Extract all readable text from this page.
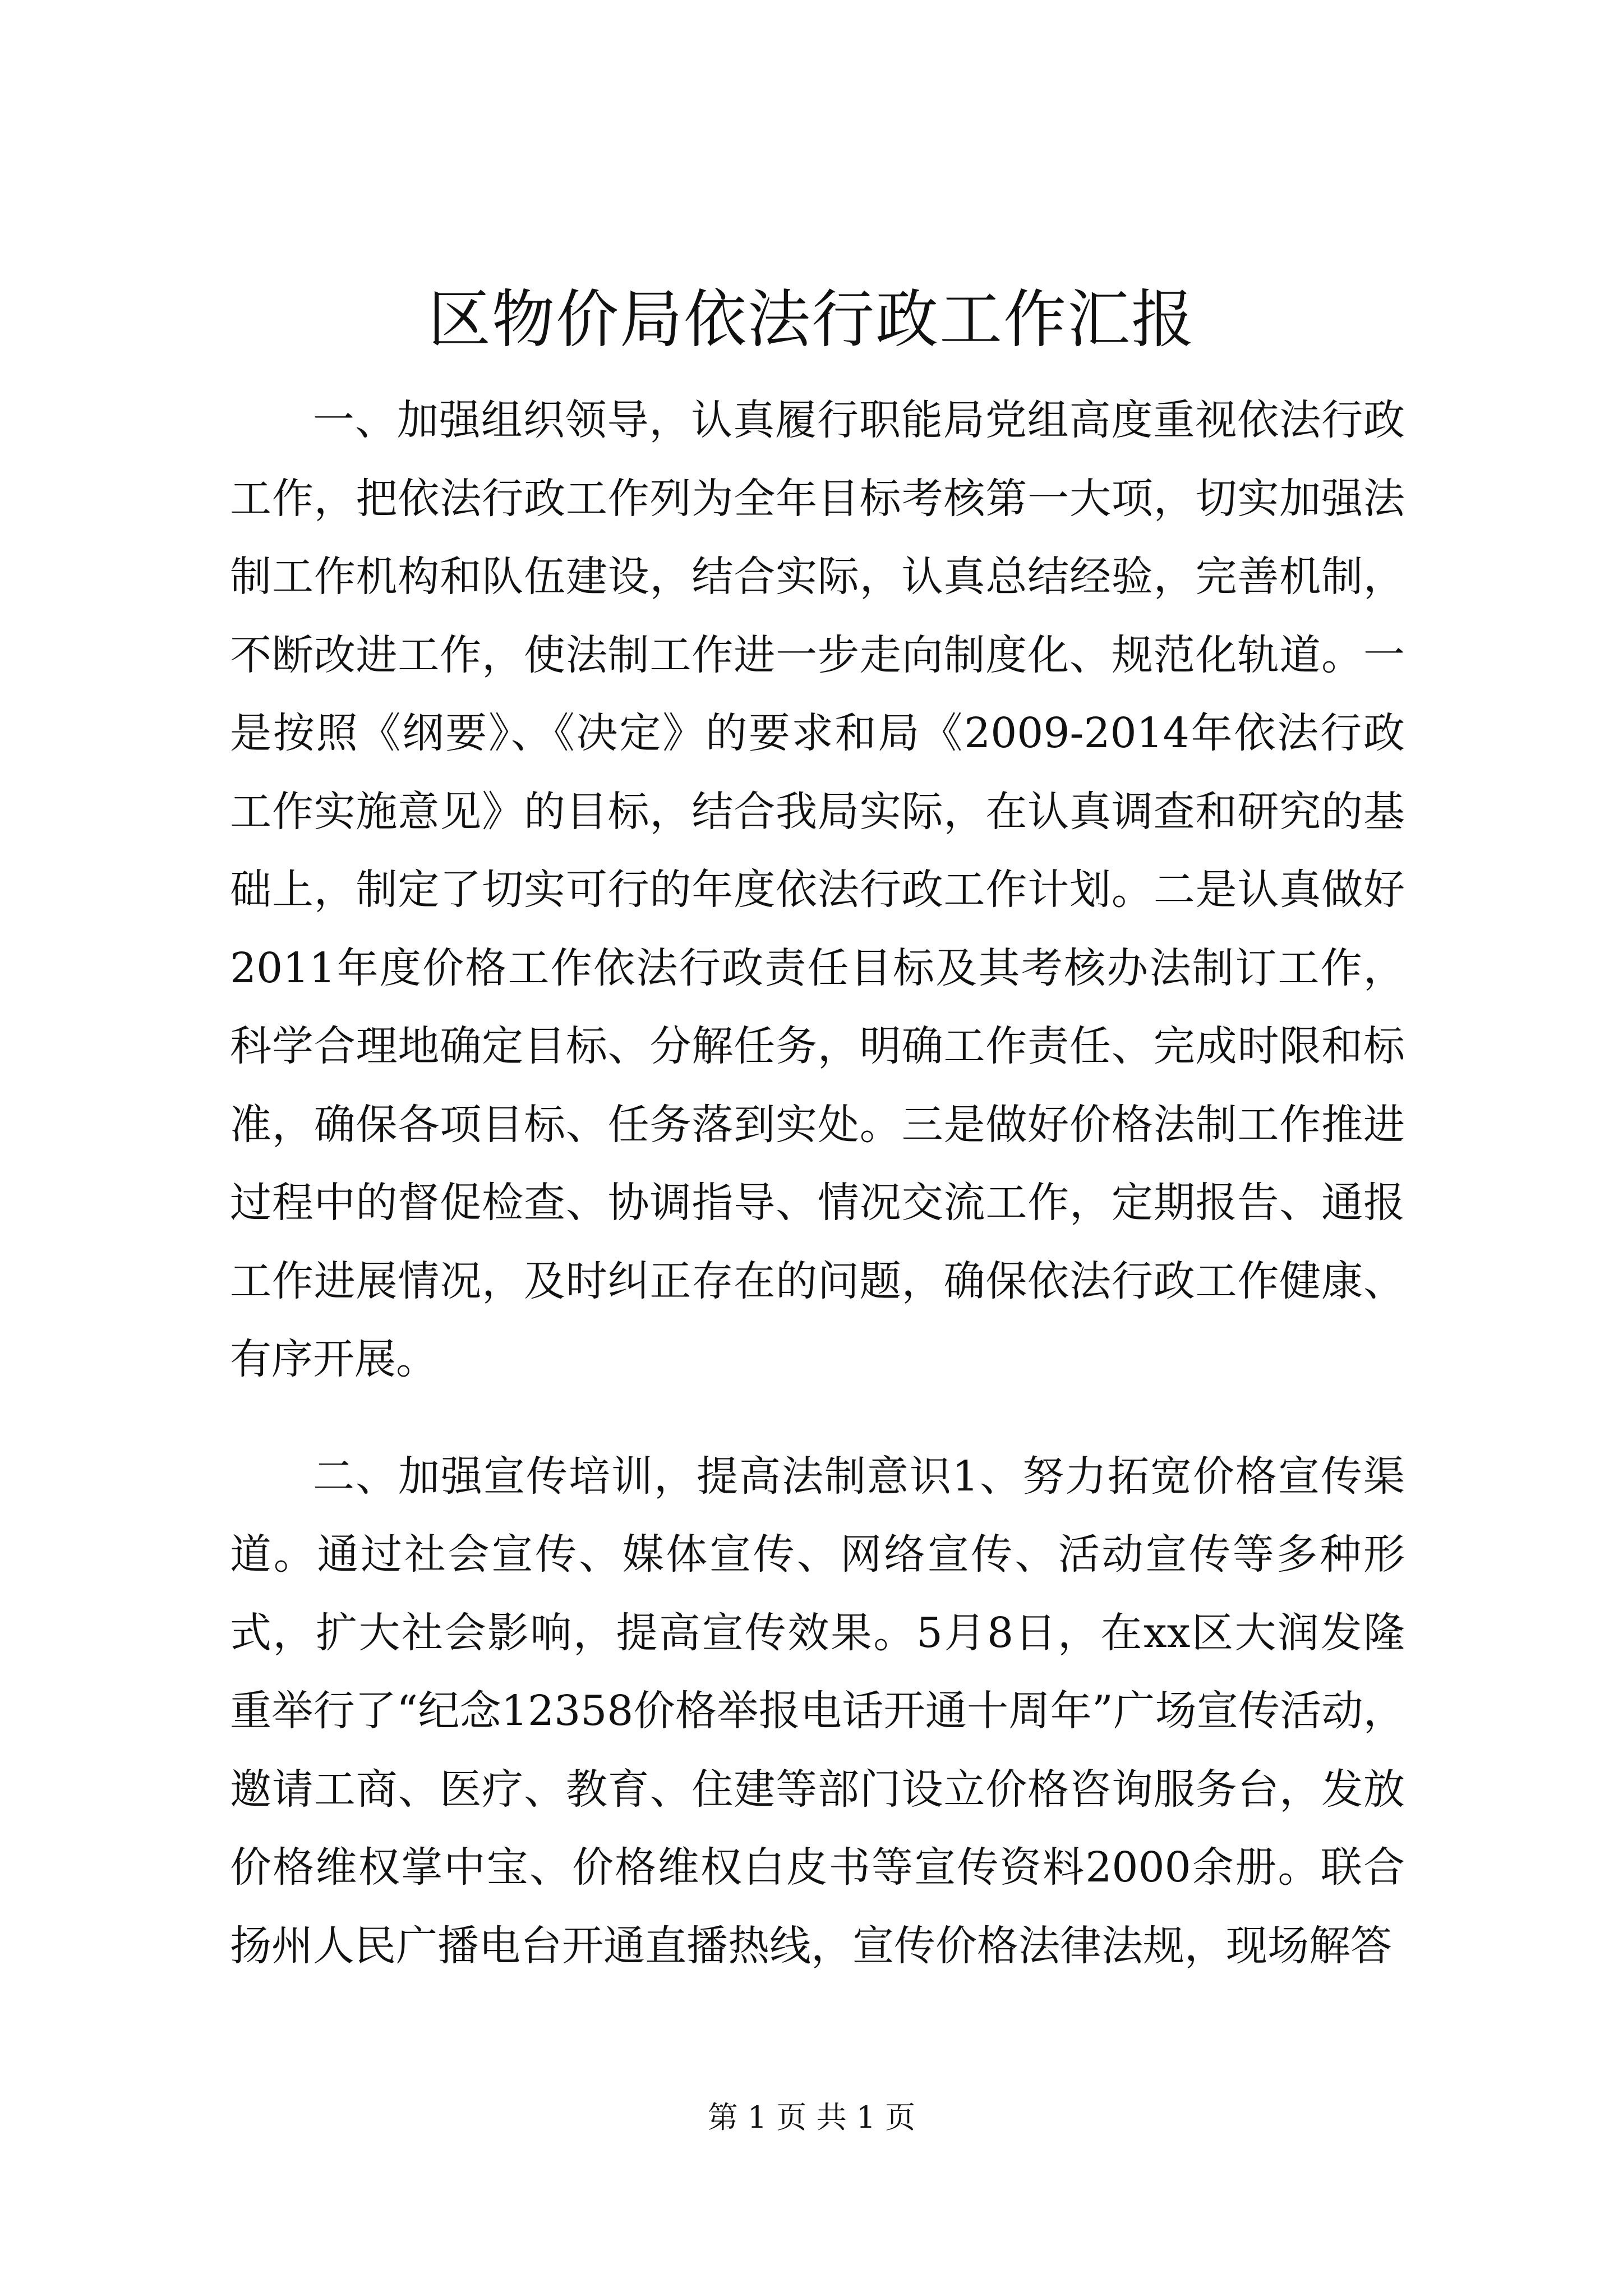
区物价局依法行政工作汇报

一、加强组织领导，认真履行职能局党组高度重视依法行政工作，把依法行政工作列为全年目标考核第一大项，切实加强法制工作机构和队伍建设，结合实际，认真总结经验，完善机制，不断改进工作，使法制工作进一步走向制度化、规范化轨道。一是按照《纲要》、《决定》的要求和局《2009-2014年依法行政工作实施意见》的目标，结合我局实际，在认真调查和研究的基础上，制定了切实可行的年度依法行政工作计划。二是认真做好2011年度价格工作依法行政责任目标及其考核办法制订工作，科学合理地确定目标、分解任务，明确工作责任、完成时限和标准，确保各项目标、任务落到实处。三是做好价格法制工作推进过程中的督促检查、协调指导、情况交流工作，定期报告、通报工作进展情况，及时纠正存在的问题，确保依法行政工作健康、有序开展。

二、加强宣传培训，提高法制意识1、努力拓宽价格宣传渠道。通过社会宣传、媒体宣传、网络宣传、活动宣传等多种形式，扩大社会影响，提高宣传效果。5月8日，在xx区大润发隆重举行了“纪念12358价格举报电话开通十周年”广场宣传活动，邀请工商、医疗、教育、住建等部门设立价格咨询服务台，发放价格维权掌中宝、价格维权白皮书等宣传资料2000余册。联合扬州人民广播电台开通直播热线，宣传价格法律法规，现场解答

第 1 页 共 1 页
